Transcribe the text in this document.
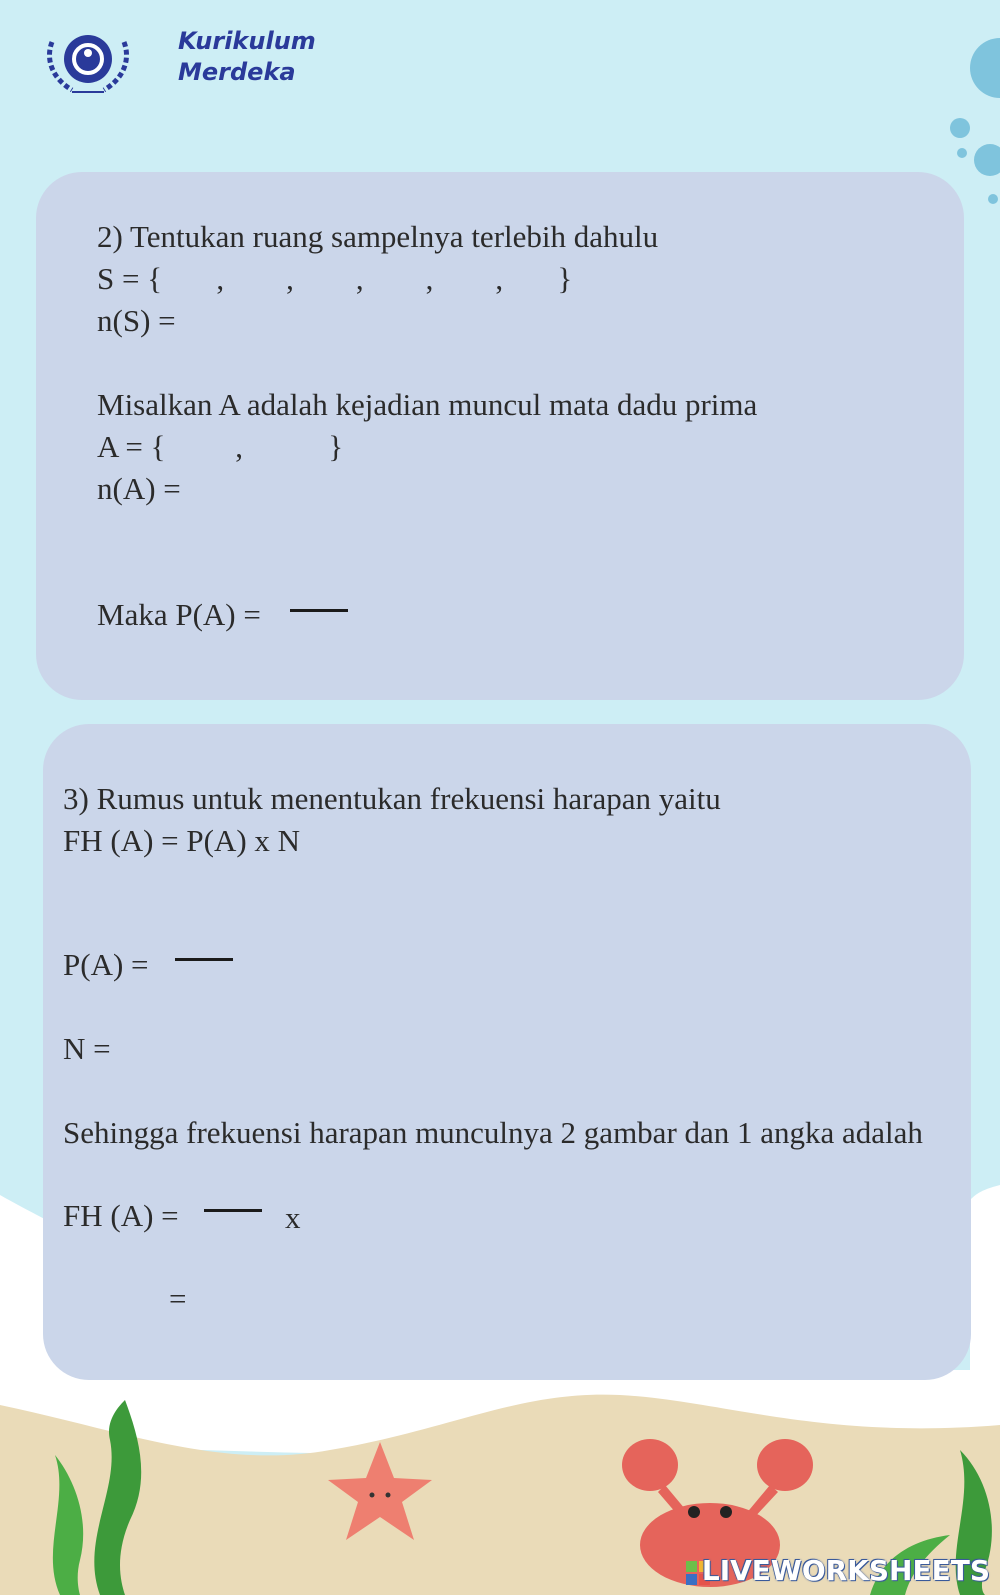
Kurikulum
Merdeka
2) Tentukan ruang sampelnya terlebih dahulu
S = {       ,        ,        ,        ,        ,       }
n(S) =
Misalkan A adalah kejadian muncul mata dadu prima
A = {         ,           }
n(A) =
Maka P(A) =
3) Rumus untuk menentukan frekuensi harapan yaitu
FH (A) = P(A) x N
P(A) =
N =
Sehingga frekuensi harapan munculnya 2 gambar dan 1 angka adalah
FH (A) =	x
=
LIVEWORKSHEETS
